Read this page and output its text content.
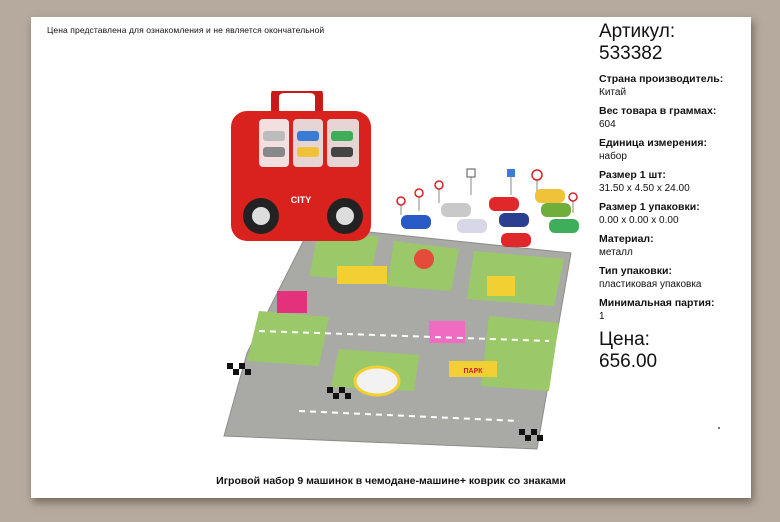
Цена представлена для ознакомления и не является окончательной
ПАРК
CITY
Артикул:
533382
Страна производитель:
Китай
Вес товара в граммах:
604
Единица измерения:
набор
Размер 1 шт:
31.50 x 4.50 x 24.00
Размер 1 упаковки:
0.00 x 0.00 x 0.00
Материал:
металл
Тип упаковки:
пластиковая упаковка
Минимальная партия:
1
Цена:
656.00
Игровой набор 9 машинок в чемодане-машине+ коврик со знаками
